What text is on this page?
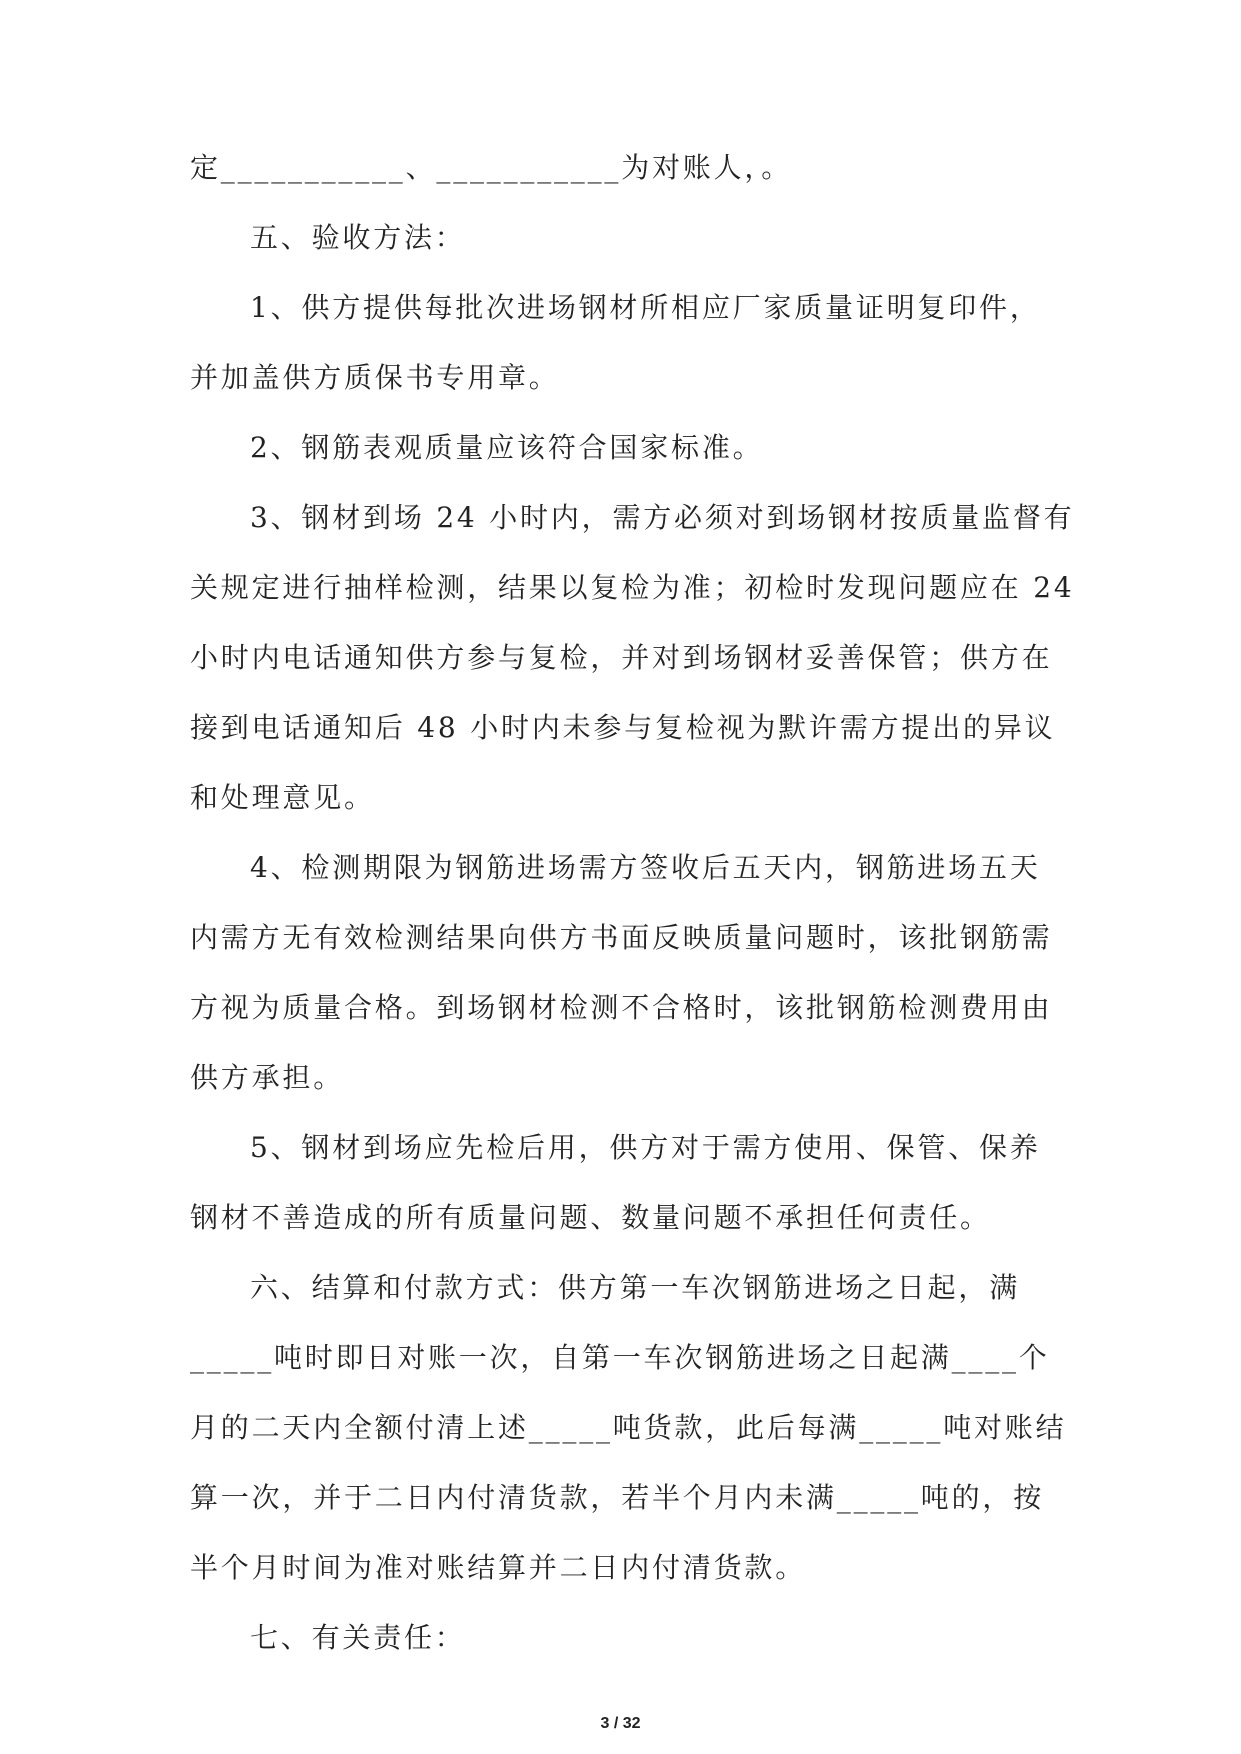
定___________、___________为对账人，。
五、验收方法：
1、供方提供每批次进场钢材所相应厂家质量证明复印件，
并加盖供方质保书专用章。
2、钢筋表观质量应该符合国家标准。
3、钢材到场 24 小时内，需方必须对到场钢材按质量监督有
关规定进行抽样检测，结果以复检为准；初检时发现问题应在 24
小时内电话通知供方参与复检，并对到场钢材妥善保管；供方在
接到电话通知后 48 小时内未参与复检视为默许需方提出的异议
和处理意见。
4、检测期限为钢筋进场需方签收后五天内，钢筋进场五天
内需方无有效检测结果向供方书面反映质量问题时，该批钢筋需
方视为质量合格。到场钢材检测不合格时，该批钢筋检测费用由
供方承担。
5、钢材到场应先检后用，供方对于需方使用、保管、保养
钢材不善造成的所有质量问题、数量问题不承担任何责任。
六、结算和付款方式：供方第一车次钢筋进场之日起，满
_____吨时即日对账一次，自第一车次钢筋进场之日起满____个
月的二天内全额付清上述_____吨货款，此后每满_____吨对账结
算一次，并于二日内付清货款，若半个月内未满_____吨的，按
半个月时间为准对账结算并二日内付清货款。
七、有关责任：
3 / 32
